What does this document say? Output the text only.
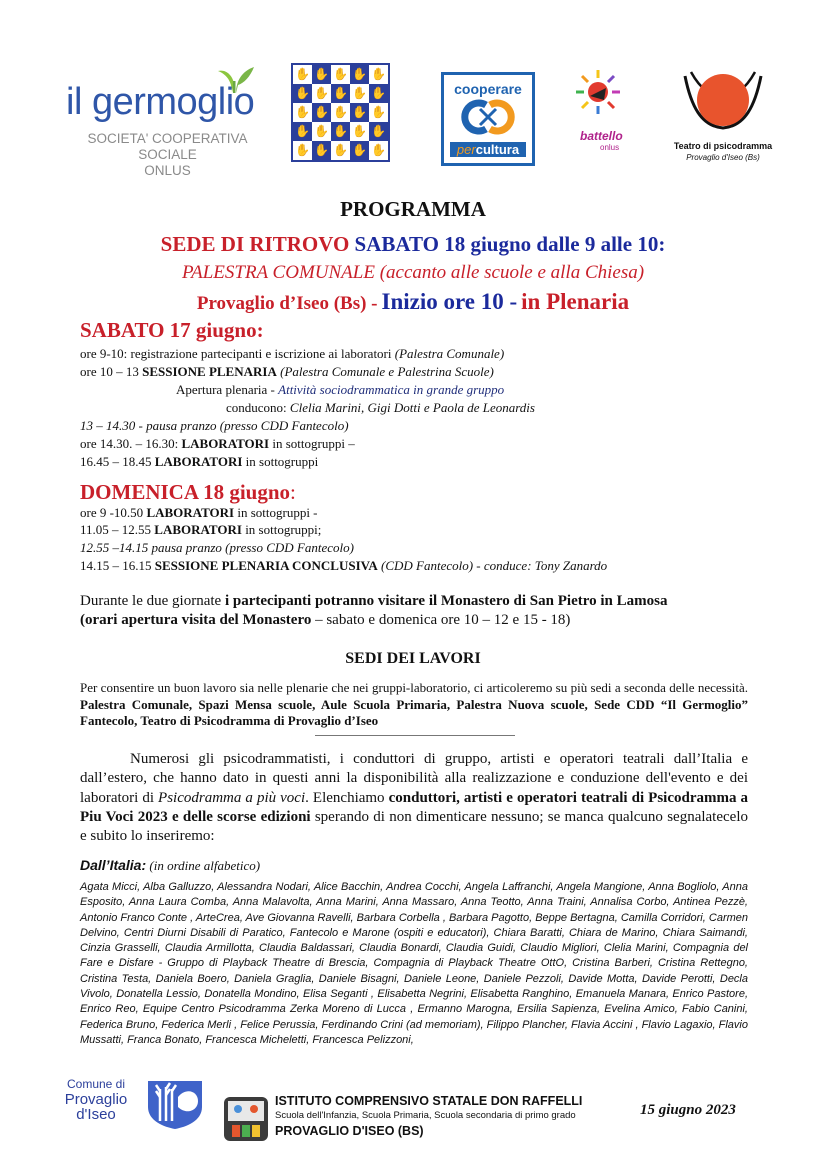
il germoglio
SOCIETA' COOPERATIVA SOCIALE
ONLUS
✋ ✋ ✋ ✋ ✋
✋ ✋ ✋ ✋ ✋
✋ ✋ ✋ ✋ ✋
✋ ✋ ✋ ✋ ✋
✋ ✋ ✋ ✋ ✋
cooperare
percultura
battello
onlus	Teatro di psicodramma
Provaglio d'Iseo (Bs)
PROGRAMMA
SEDE DI RITROVO SABATO 18 giugno dalle 9 alle 10:
PALESTRA COMUNALE (accanto alle scuole e alla Chiesa)
Provaglio d’Iseo (Bs) - Inizio ore 10 - in Plenaria
SABATO 17 giugno:
ore 9-10: registrazione partecipanti e iscrizione ai laboratori (Palestra Comunale)
ore 10 – 13 SESSIONE PLENARIA (Palestra Comunale e Palestrina Scuole)
Apertura plenaria - Attività sociodrammatica in grande gruppo
conducono: Clelia Marini, Gigi Dotti e Paola de Leonardis
13 – 14.30 - pausa pranzo (presso CDD Fantecolo)
ore 14.30. – 16.30: LABORATORI in sottogruppi –
16.45 – 18.45 LABORATORI in sottogruppi
DOMENICA 18 giugno:
ore 9 -10.50 LABORATORI in sottogruppi -
11.05 – 12.55 LABORATORI in sottogruppi;
12.55 –14.15 pausa pranzo (presso CDD Fantecolo)
14.15 – 16.15 SESSIONE PLENARIA CONCLUSIVA (CDD Fantecolo) - conduce: Tony Zanardo
Durante le due giornate i partecipanti potranno visitare il Monastero di San Pietro in Lamosa
(orari apertura visita del Monastero – sabato e domenica ore 10 – 12 e 15 - 18)
SEDI DEI LAVORI
Per consentire un buon lavoro sia nelle plenarie che nei gruppi-laboratorio, ci articoleremo su più sedi a seconda delle necessità. Palestra Comunale, Spazi Mensa scuole, Aule Scuola Primaria, Palestra Nuova scuole, Sede CDD “Il Germoglio” Fantecolo, Teatro di Psicodramma di Provaglio d’Iseo
Numerosi gli psicodrammatisti, i conduttori di gruppo, artisti e operatori teatrali dall’Italia e dall’estero, che hanno dato in questi anni la disponibilità alla realizzazione e conduzione dell'evento e dei laboratori di Psicodramma a più voci. Elenchiamo conduttori, artisti e operatori teatrali di Psicodramma a Piu Voci 2023 e delle scorse edizioni sperando di non dimenticare nessuno; se manca qualcuno segnalatecelo e subito lo inseriremo:
Dall’Italia: (in ordine alfabetico)
Agata Micci, Alba Galluzzo, Alessandra Nodari, Alice Bacchin, Andrea Cocchi, Angela Laffranchi, Angela Mangione, Anna Bogliolo, Anna Esposito, Anna Laura Comba, Anna Malavolta, Anna Marini, Anna Massaro, Anna Teotto, Anna Traini, Annalisa Corbo, Antinea Pezzè, Antonio Franco Conte , ArteCrea, Ave Giovanna Ravelli, Barbara Corbella , Barbara Pagotto, Beppe Bertagna, Camilla Corridori, Carmen Delvino, Centri Diurni Disabili di Paratico, Fantecolo e Marone (ospiti e educatori), Chiara Baratti, Chiara de Marino, Chiara Saimandi, Cinzia Grasselli, Claudia Armillotta, Claudia Baldassari, Claudia Bonardi, Claudia Guidi, Claudio Migliori, Clelia Marini, Compagnia del Fare e Disfare - Gruppo di Playback Theatre di Brescia, Compagnia di Playback Theatre OttO, Cristina Barberi, Cristina Rettegno, Cristina Testa, Daniela Boero, Daniela Graglia, Daniele Bisagni, Daniele Leone, Daniele Pezzoli, Davide Motta, Davide Perotti, Decla Vivolo, Donatella Lessio, Donatella Mondino, Elisa Seganti , Elisabetta Negrini, Elisabetta Ranghino, Emanuela Manara, Enrico Pastore, Enrico Reo, Equipe Centro Psicodramma Zerka Moreno di Lucca , Ermanno Marogna, Ersilia Sapienza, Evelina Amico, Fabio Canini, Federica Bruno, Federica Merli , Felice Perussia, Ferdinando Crini (ad memoriam), Filippo Plancher, Flavia Accini , Flavio Lagaxio, Flavio Mussatti, Franca Bonato, Francesca Micheletti, Francesca Pelizzoni,
Comune di
Provaglio
d'Iseo
ISTITUTO COMPRENSIVO STATALE DON RAFFELLI
Scuola dell'Infanzia, Scuola Primaria, Scuola secondaria di primo grado
PROVAGLIO D'ISEO (BS)
15 giugno 2023
